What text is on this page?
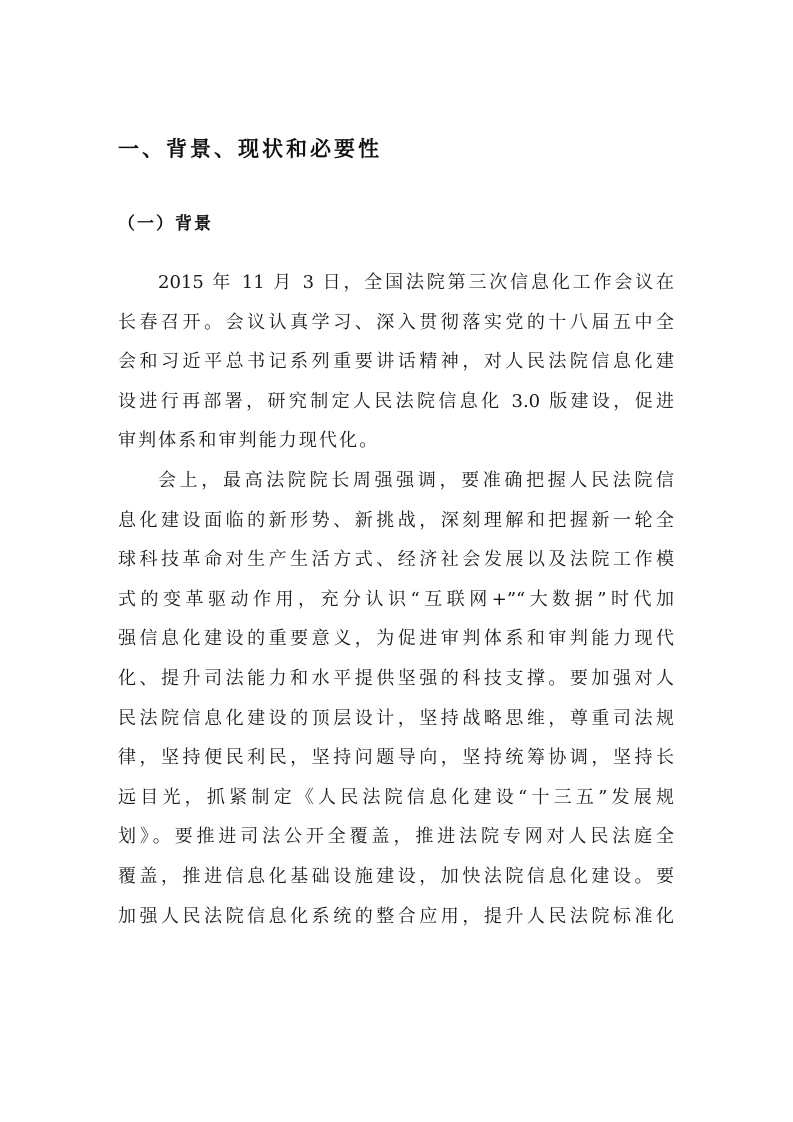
一、背景、现状和必要性
（一）背景
2015 年 11 月 3 日，全国法院第三次信息化工作会议在
长春召开。会议认真学习、深入贯彻落实党的十八届五中全
会和习近平总书记系列重要讲话精神，对人民法院信息化建
设进行再部署，研究制定人民法院信息化 3.0 版建设，促进
审判体系和审判能力现代化。
会上，最高法院院长周强强调，要准确把握人民法院信
息化建设面临的新形势、新挑战，深刻理解和把握新一轮全
球科技革命对生产生活方式、经济社会发展以及法院工作模
式的变革驱动作用，充分认识“互联网+”“大数据”时代加
强信息化建设的重要意义，为促进审判体系和审判能力现代
化、提升司法能力和水平提供坚强的科技支撑。要加强对人
民法院信息化建设的顶层设计，坚持战略思维，尊重司法规
律，坚持便民利民，坚持问题导向，坚持统筹协调，坚持长
远目光，抓紧制定《人民法院信息化建设“十三五”发展规
划》。要推进司法公开全覆盖，推进法院专网对人民法庭全
覆盖，推进信息化基础设施建设，加快法院信息化建设。要
加强人民法院信息化系统的整合应用，提升人民法院标准化
